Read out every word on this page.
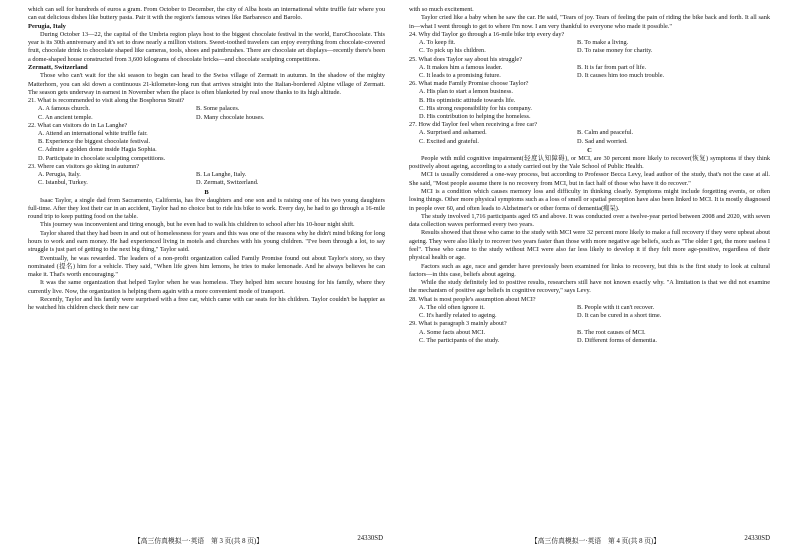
which can sell for hundreds of euros a gram. From October to December, the city of Alba hosts an international white truffle fair where you can eat delicious dishes like buttery pasta. Pair it with the region's famous wines like Barbaresco and Barolo.

Perugia, Italy

During October 13—22, the capital of the Umbria region plays host to the biggest chocolate festival in the world, EuroChocolate. This year is its 30th anniversary and it's set to draw nearly a million visitors. Sweet-toothed travelers can enjoy everything from chocolate-covered fruit, chocolate drink to chocolate shaped like cameras, tools, shoes and paintbrushes. There are chocolate art displays—recently there's been a dome-shaped house constructed from 3,600 kilograms of chocolate bricks—and chocolate sculpting competitions.

Zermatt, Switzerland

Those who can't wait for the ski season to begin can head to the Swiss village of Zermatt in autumn. In the shadow of the mighty Matterhorn, you can ski down a continuous 21-kilometer-long run that arrives straight into the Italian-bordered Alpine village of Zermatt. The season gets underway in earnest in November when the place is often blanketed by real snow thanks to its high altitude.

21. What is recommended to visit along the Bosphorus Strait?

A. A famous church.	B. Some palaces.
C. An ancient temple.	D. Many chocolate houses.

22. What can visitors do in La Langhe?

A. Attend an international white truffle fair.

B. Experience the biggest chocolate festival.

C. Admire a golden dome inside Hagia Sophia.

D. Participate in chocolate sculpting competitions.

23. Where can visitors go skiing in autumn?

A. Perugia, Italy.	B. La Langhe, Italy.
C. Istanbul, Turkey.	D. Zermatt, Switzerland.

B

Isaac Taylor, a single dad from Sacramento, California, has five daughters and one son and is raising one of his two young daughters full-time. After they lost their car in an accident, Taylor had no choice but to ride his bike to work. Every day, he had to go through a 16-mile round trip to keep putting food on the table.

This journey was inconvenient and tiring enough, but he even had to walk his children to school after his 10-hour night shift.

Taylor shared that they had been in and out of homelessness for years and this was one of the reasons why he didn't mind biking for long hours to work and earn money. He had experienced living in motels and churches with his young children. "I've been through a lot, to say struggle is just part of getting to the next big thing," Taylor said.

Eventually, he was rewarded. The leaders of a non-profit organization called Family Promise found out about Taylor's story, so they nominated (提名) him for a vehicle. They said, "When life gives him lemons, he tries to make lemonade. And he always believes he can make it. That's worth encouraging."

It was the same organization that helped Taylor when he was homeless. They helped him secure housing for his family, where they currently live. Now, the organization is helping them again with a more convenient mode of transport.

Recently, Taylor and his family were surprised with a free car, which came with car seats for his children. Taylor couldn't be happier as he watched his children check their new car

【高三仿真模拟一·英语　第 3 页(共 8 页)】	24330SD

with so much excitement.

Taylor cried like a baby when he saw the car. He said, "Tears of joy. Tears of feeling the pain of riding the bike back and forth. It all sank in—what I went through to get to where I'm now. I am very thankful to everyone who made it possible."

24. Why did Taylor go through a 16-mile bike trip every day?

A. To keep fit.	B. To make a living.
C. To pick up his children.	D. To raise money for charity.

25. What does Taylor say about his struggle?

A. It makes him a famous leader.	B. It is far from part of life.
C. It leads to a promising future.	D. It causes him too much trouble.

26. What made Family Promise choose Taylor?

A. His plan to start a lemon business.

B. His optimistic attitude towards life.

C. His strong responsibility for his company.

D. His contribution to helping the homeless.

27. How did Taylor feel when receiving a free car?

A. Surprised and ashamed.	B. Calm and peaceful.
C. Excited and grateful.	D. Sad and worried.

C

People with mild cognitive impairment(轻度认知障碍), or MCI, are 30 percent more likely to recover(恢复) symptoms if they think positively about ageing, according to a study carried out by the Yale School of Public Health.

MCI is usually considered a one-way process, but according to Professor Becca Levy, lead author of the study, that's not the case at all. She said, "Most people assume there is no recovery from MCI, but in fact half of those who have it do recover."

MCI is a condition which causes memory loss and difficulty in thinking clearly. Symptoms might include forgetting events, or often losing things. Other more physical symptoms such as a loss of smell or spatial perception have also been linked to MCI. It is mostly diagnosed in people over 60, and often leads to Alzheimer's or other forms of dementia(痴呆).

The study involved 1,716 participants aged 65 and above. It was conducted over a twelve-year period between 2008 and 2020, with seven data collection waves performed every two years.

Results showed that those who came to the study with MCI were 32 percent more likely to make a full recovery if they were upbeat about ageing. They were also likely to recover two years faster than those with more negative age beliefs, such as "The older I get, the more useless I feel". Those who came to the study without MCI were also far less likely to develop it if they felt more age-positive, regardless of their physical health or age.

Factors such as age, race and gender have previously been examined for links to recovery, but this is the first study to look at cultural factors—in this case, beliefs about ageing.

While the study definitely led to positive results, researchers still have not known exactly why. "A limitation is that we did not examine the mechanism of positive age beliefs in cognitive recovery," says Levy.

28. What is most people's assumption about MCI?

A. The old often ignore it.	B. People with it can't recover.
C. It's hardly related to ageing.	D. It can be cured in a short time.

29. What is paragraph 3 mainly about?

A. Some facts about MCI.	B. The root causes of MCI.
C. The participants of the study.	D. Different forms of dementia.
【高三仿真模拟一·英语　第 4 页(共 8 页)】	24330SD
